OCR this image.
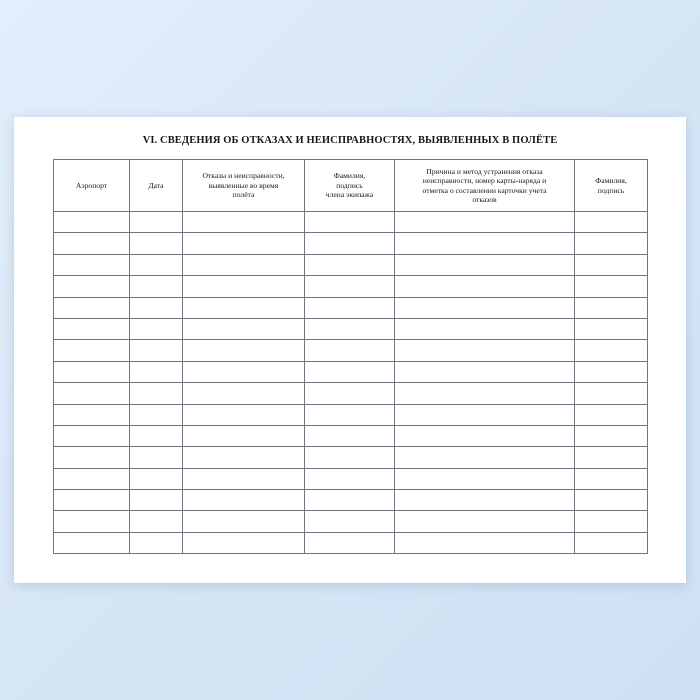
VI. СВЕДЕНИЯ ОБ ОТКАЗАХ И НЕИСПРАВНОСТЯХ, ВЫЯВЛЕННЫХ В ПОЛЁТЕ
Аэропорт	Дата	Отказы и неисправности,
выявленные во время
полёта	Фамилия,
подпись
члена экипажа	Причина и метод устранения отказа
неисправности, номер карты-наряда и
отметка о составлении карточки учета
отказов	Фамилия,
подпись
